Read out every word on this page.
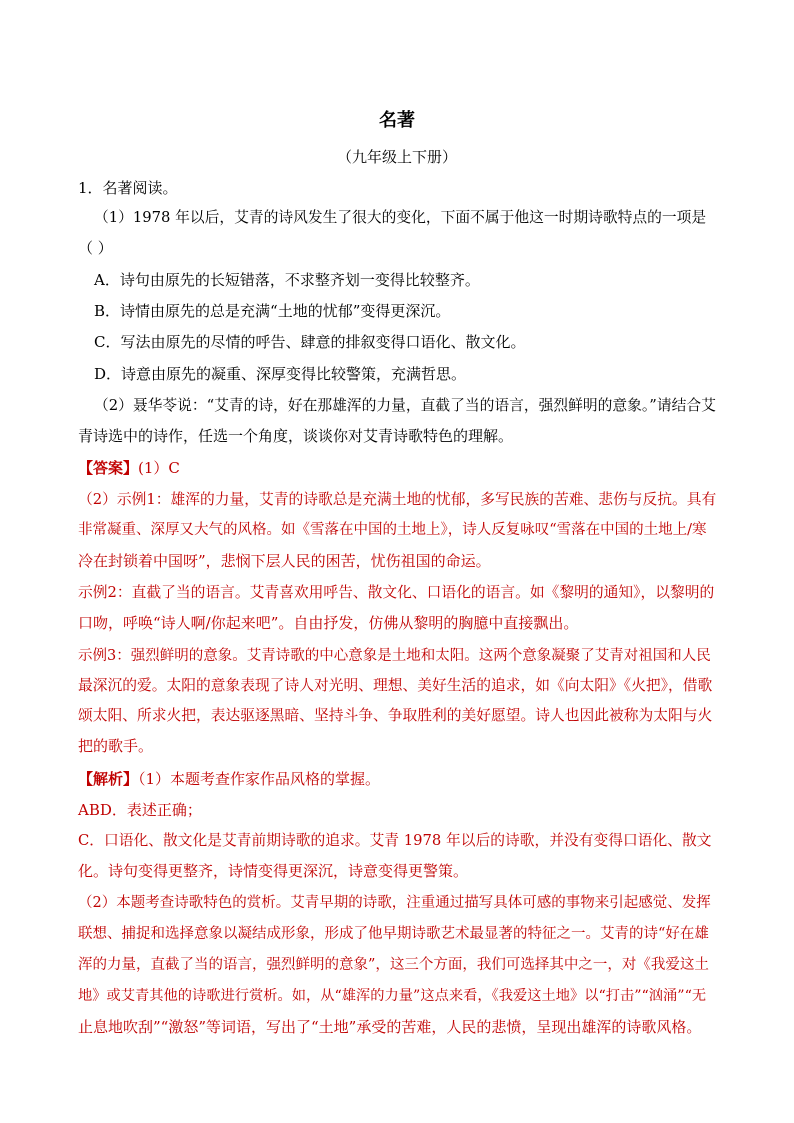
名著
（九年级上下册）
1．名著阅读。
（1）1978 年以后，艾青的诗风发生了很大的变化，下面不属于他这一时期诗歌特点的一项是
（ ）
A．诗句由原先的长短错落，不求整齐划一变得比较整齐。
B．诗情由原先的总是充满“土地的忧郁”变得更深沉。
C．写法由原先的尽情的呼告、肆意的排叙变得口语化、散文化。
D．诗意由原先的凝重、深厚变得比较警策，充满哲思。
（2）聂华苓说：“艾青的诗，好在那雄浑的力量，直截了当的语言，强烈鲜明的意象。”请结合艾
青诗选中的诗作，任选一个角度，谈谈你对艾青诗歌特色的理解。
【答案】(1）C
（2）示例1：雄浑的力量，艾青的诗歌总是充满土地的忧郁，多写民族的苦难、悲伤与反抗。具有
非常凝重、深厚又大气的风格。如《雪落在中国的土地上》，诗人反复咏叹“雪落在中国的土地上/寒
冷在封锁着中国呀”，悲悯下层人民的困苦，忧伤祖国的命运。
示例2：直截了当的语言。艾青喜欢用呼告、散文化、口语化的语言。如《黎明的通知》，以黎明的
口吻，呼唤“诗人啊/你起来吧”。自由抒发，仿佛从黎明的胸臆中直接飘出。
示例3：强烈鲜明的意象。艾青诗歌的中心意象是土地和太阳。这两个意象凝聚了艾青对祖国和人民
最深沉的爱。太阳的意象表现了诗人对光明、理想、美好生活的追求，如《向太阳》《火把》，借歌
颂太阳、所求火把，表达驱逐黑暗、坚持斗争、争取胜利的美好愿望。诗人也因此被称为太阳与火
把的歌手。
【解析】（1）本题考查作家作品风格的掌握。
ABD．表述正确；
C．口语化、散文化是艾青前期诗歌的追求。艾青 1978 年以后的诗歌，并没有变得口语化、散文
化。诗句变得更整齐，诗情变得更深沉，诗意变得更警策。
（2）本题考查诗歌特色的赏析。艾青早期的诗歌，注重通过描写具体可感的事物来引起感觉、发挥
联想、捕捉和选择意象以凝结成形象，形成了他早期诗歌艺术最显著的特征之一。艾青的诗“好在雄
浑的力量，直截了当的语言，强烈鲜明的意象”，这三个方面，我们可选择其中之一，对《我爱这土
地》或艾青其他的诗歌进行赏析。如，从“雄浑的力量”这点来看，《我爱这土地》以“打击”“汹涌”“无
止息地吹刮”“激怒”等词语，写出了“土地”承受的苦难，人民的悲愤，呈现出雄浑的诗歌风格。
